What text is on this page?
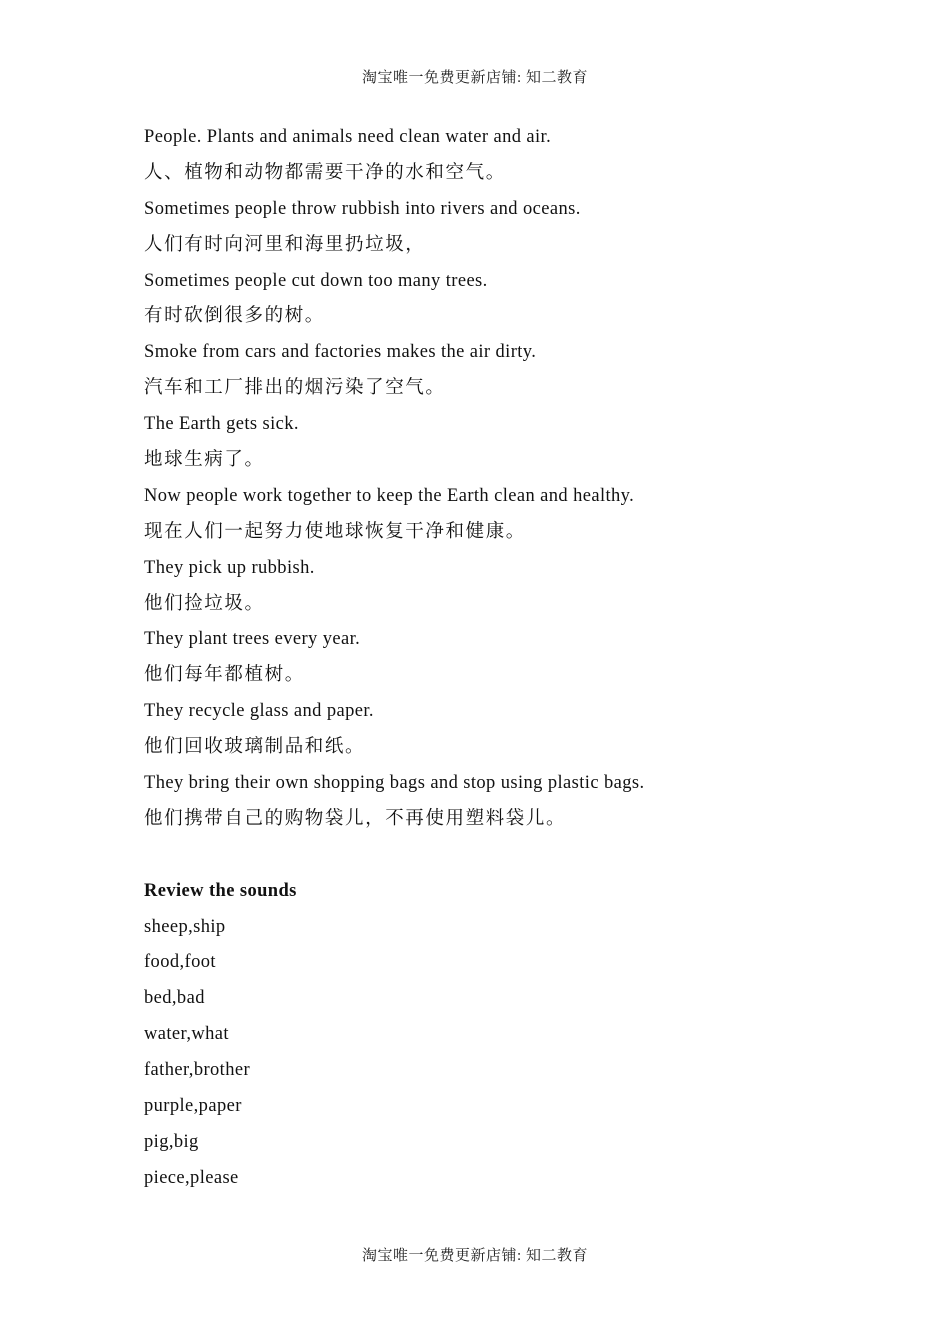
淘宝唯一免费更新店铺: 知二教育
People. Plants and animals need clean water and air.
人、植物和动物都需要干净的水和空气。
Sometimes people throw rubbish into rivers and oceans.
人们有时向河里和海里扔垃圾，
Sometimes people cut down too many trees.
有时砍倒很多的树。
Smoke from cars and factories makes the air dirty.
汽车和工厂排出的烟污染了空气。
The Earth gets sick.
地球生病了。
Now people work together to keep the Earth clean and healthy.
现在人们一起努力使地球恢复干净和健康。
They pick up rubbish.
他们捡垃圾。
They plant trees every year.
他们每年都植树。
They recycle glass and paper.
他们回收玻璃制品和纸。
They bring their own shopping bags and stop using plastic bags.
他们携带自己的购物袋儿，不再使用塑料袋儿。
Review the sounds
sheep,ship
food,foot
bed,bad
water,what
father,brother
purple,paper
pig,big
piece,please
淘宝唯一免费更新店铺: 知二教育
